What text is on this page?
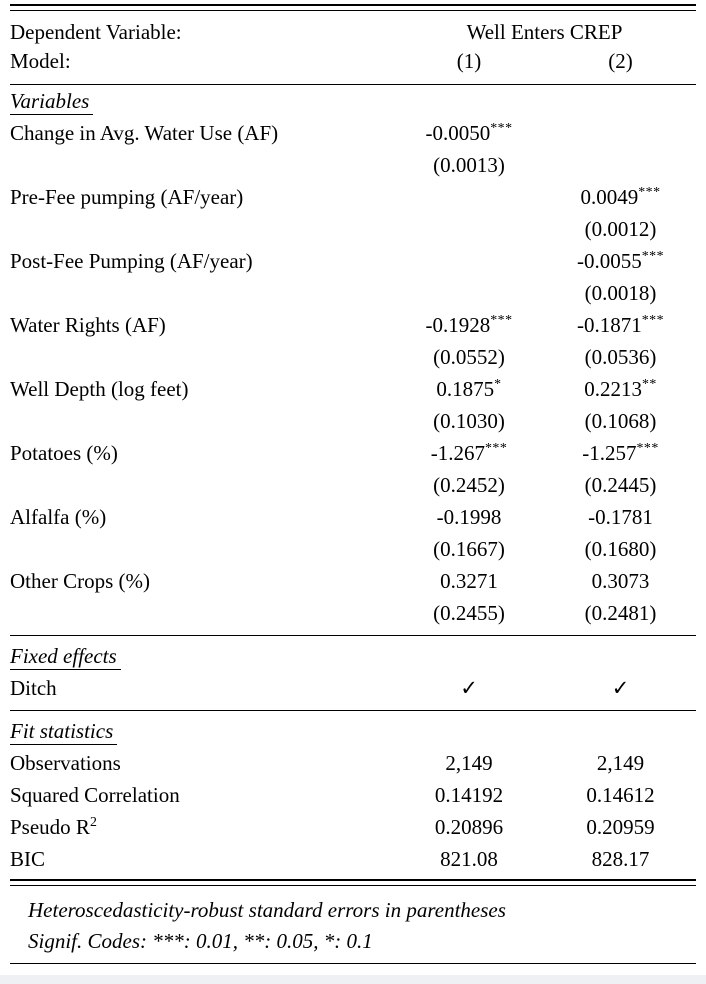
Dependent Variable:	Well Enters CREP	
Model:	(1)	(2)
Variables		
Change in Avg. Water Use (AF)	-0.0050***	
	(0.0013)	
Pre-Fee pumping (AF/year)		0.0049***
		(0.0012)
Post-Fee Pumping (AF/year)		-0.0055***
		(0.0018)
Water Rights (AF)	-0.1928***	-0.1871***
	(0.0552)	(0.0536)
Well Depth (log feet)	0.1875*	0.2213**
	(0.1030)	(0.1068)
Potatoes (%)	-1.267***	-1.257***
	(0.2452)	(0.2445)
Alfalfa (%)	-0.1998	-0.1781
	(0.1667)	(0.1680)
Other Crops (%)	0.3271	0.3073
	(0.2455)	(0.2481)
Fixed effects
Ditch	✓	✓
Fit statistics		
Observations	2,149	2,149
Squared Correlation	0.14192	0.14612
Pseudo $R^2$	0.20896	0.20959
BIC	821.08	828.17
Heteroscedasticity-robust standard errors in parentheses
Signif. Codes: ***: 0.01, **: 0.05, *: 0.1
